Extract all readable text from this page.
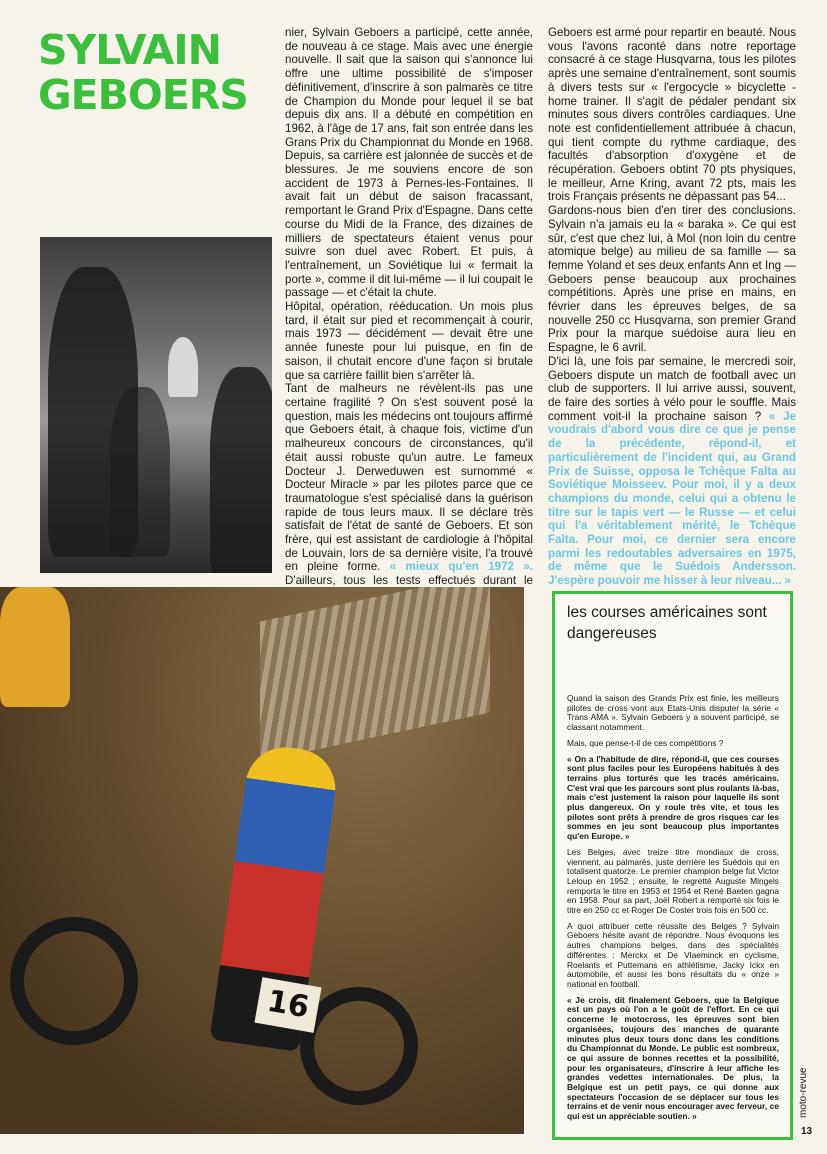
SYLVAIN
GEBOERS

nier, Sylvain Geboers a participé, cette année, de nouveau à ce stage. Mais avec une énergie nouvelle. Il sait que la saison qui s'annonce lui offre une ultime possibilité de s'imposer définitivement, d'inscrire à son palmarès ce titre de Champion du Monde pour lequel il se bat depuis dix ans. Il a débuté en compétition en 1962, à l'âge de 17 ans, fait son entrée dans les Grans Prix du Championnat du Monde en 1968. Depuis, sa carrière est jalonnée de succès et de blessures. Je me souviens encore de son accident de 1973 à Pernes-les-Fontaines. Il avait fait un début de saison fracassant, remportant le Grand Prix d'Espagne. Dans cette course du Midi de la France, des dizaines de milliers de spectateurs étaient venus pour suivre son duel avec Robert. Et puis, à l'entraînement, un Soviétique lui « fermait la porte », comme il dit lui-même — il lui coupait le passage — et c'était la chute.

Hôpital, opération, rééducation. Un mois plus tard, il était sur pied et recommençait à courir, mais 1973 — décidément — devait être une année funeste pour lui puisque, en fin de saison, il chutait encore d'une façon si brutale que sa carrière faillit bien s'arrêter là.

Tant de malheurs ne révèlent-ils pas une certaine fragilité ? On s'est souvent posé la question, mais les médecins ont toujours affirmé que Geboers était, à chaque fois, victime d'un malheureux concours de circonstances, qu'il était aussi robuste qu'un autre. Le fameux Docteur J. Derweduwen est surnommé « Docteur Miracle » par les pilotes parce que ce traumatologue s'est spécialisé dans la guérison rapide de tous leurs maux. Il se déclare très satisfait de l'état de santé de Geboers. Et son frère, qui est assistant de cardiologie à l'hôpital de Louvain, lors de sa dernière visite, l'a trouvé en pleine forme. « mieux qu'en 1972 ». D'ailleurs, tous les tests effectués durant le

Geboers est armé pour repartir en beauté. Nous vous l'avons raconté dans notre reportage consacré à ce stage Husqvarna, tous les pilotes après une semaine d'entraînement, sont soumis à divers tests sur « l'ergocycle » bicyclette - home trainer. Il s'agit de pédaler pendant six minutes sous divers contrôles cardiaques. Une note est confidentiellement attribuée à chacun, qui tient compte du rythme cardiaque, des facultés d'absorption d'oxygène et de récupération. Geboers obtint 70 pts physiques, le meilleur, Arne Kring, avant 72 pts, mais les trois Français présents ne dépassant pas 54...

Gardons-nous bien d'en tirer des conclusions. Sylvain n'a jamais eu la « baraka ». Ce qui est sûr, c'est que chez lui, à Mol (non loin du centre atomique belge) au milieu de sa famille — sa femme Yoland et ses deux enfants Ann et Ing — Geboers pense beaucoup aux prochaines compétitions. Après une prise en mains, en février dans les épreuves belges, de sa nouvelle 250 cc Husqvarna, son premier Grand Prix pour la marque suédoise aura lieu en Espagne, le 6 avril.

D'ici là, une fois par semaine, le mercredi soir, Geboers dispute un match de football avec un club de supporters. Il lui arrive aussi, souvent, de faire des sorties à vélo pour le souffle. Mais comment voit-il la prochaine saison ? « Je voudrais d'abord vous dire ce que je pense de la précédente, répond-il, et particulièrement de l'incident qui, au Grand Prix de Suisse, opposa le Tchèque Falta au Soviétique Moisseev. Pour moi, il y a deux champions du monde, celui qui a obtenu le titre sur le tapis vert — le Russe — et celui qui l'a véritablement mérité, le Tchèque Falta. Pour moi, ce dernier sera encore parmi les redoutables adversaires en 1975, de même que le Suédois Andersson. J'espère pouvoir me hisser à leur niveau... »

16
les courses américaines sont dangereuses

Quand la saison des Grands Prix est finie, les meilleurs pilotes de cross vont aux Etats-Unis disputer la série « Trans AMA ». Sylvain Geboers y a souvent participé, se classant notamment.

Mais, que pense-t-il de ces compétitions ?

« On a l'habitude de dire, répond-il, que ces courses sont plus faciles pour les Européens habitués à des terrains plus torturés que les tracés américains. C'est vrai que les parcours sont plus roulants là-bas, mais c'est justement la raison pour laquelle ils sont plus dangereux. On y roule très vite, et tous les pilotes sont prêts à prendre de gros risques car les sommes en jeu sont beaucoup plus importantes qu'en Europe. »

Les Belges, avec treize titre mondiaux de cross, viennent, au palmarès, juste derrière les Suédois qui en totalisent quatorze. Le premier champion belge fut Victor Leloup en 1952 ; ensuite, le regretté Auguste Mingels remporta le titre en 1953 et 1954 et René Baeten gagna en 1958. Pour sa part, Joël Robert a remporté six fois le titre en 250 cc et Roger De Coster trois fois en 500 cc.

A quoi attribuer cette réussite des Belges ? Sylvain Geboers hésite avant de répondre. Nous évoquons les autres champions belges, dans des spécialités différentes : Merckx et De Vlaeminck en cyclisme, Roelants et Puttemans en athlétisme, Jacky Ickx en automobile, et aussi les bons résultats du « onze » national en football.

« Je crois, dit finalement Geboers, que la Belgique est un pays où l'on a le goût de l'effort. En ce qui concerne le motocross, les épreuves sont bien organisées, toujours des manches de quarante minutes plus deux tours donc dans les conditions du Championnat du Monde. Le public est nombreux, ce qui assure de bonnes recettes et la possibilité, pour les organisateurs, d'inscrire à leur affiche les grandes vedettes internationales. De plus, la Belgique est un petit pays, ce qui donne aux spectateurs l'occasion de se déplacer sur tous les terrains et de venir nous encourager avec ferveur, ce qui est un appréciable soutien. »	moto-revue
13
